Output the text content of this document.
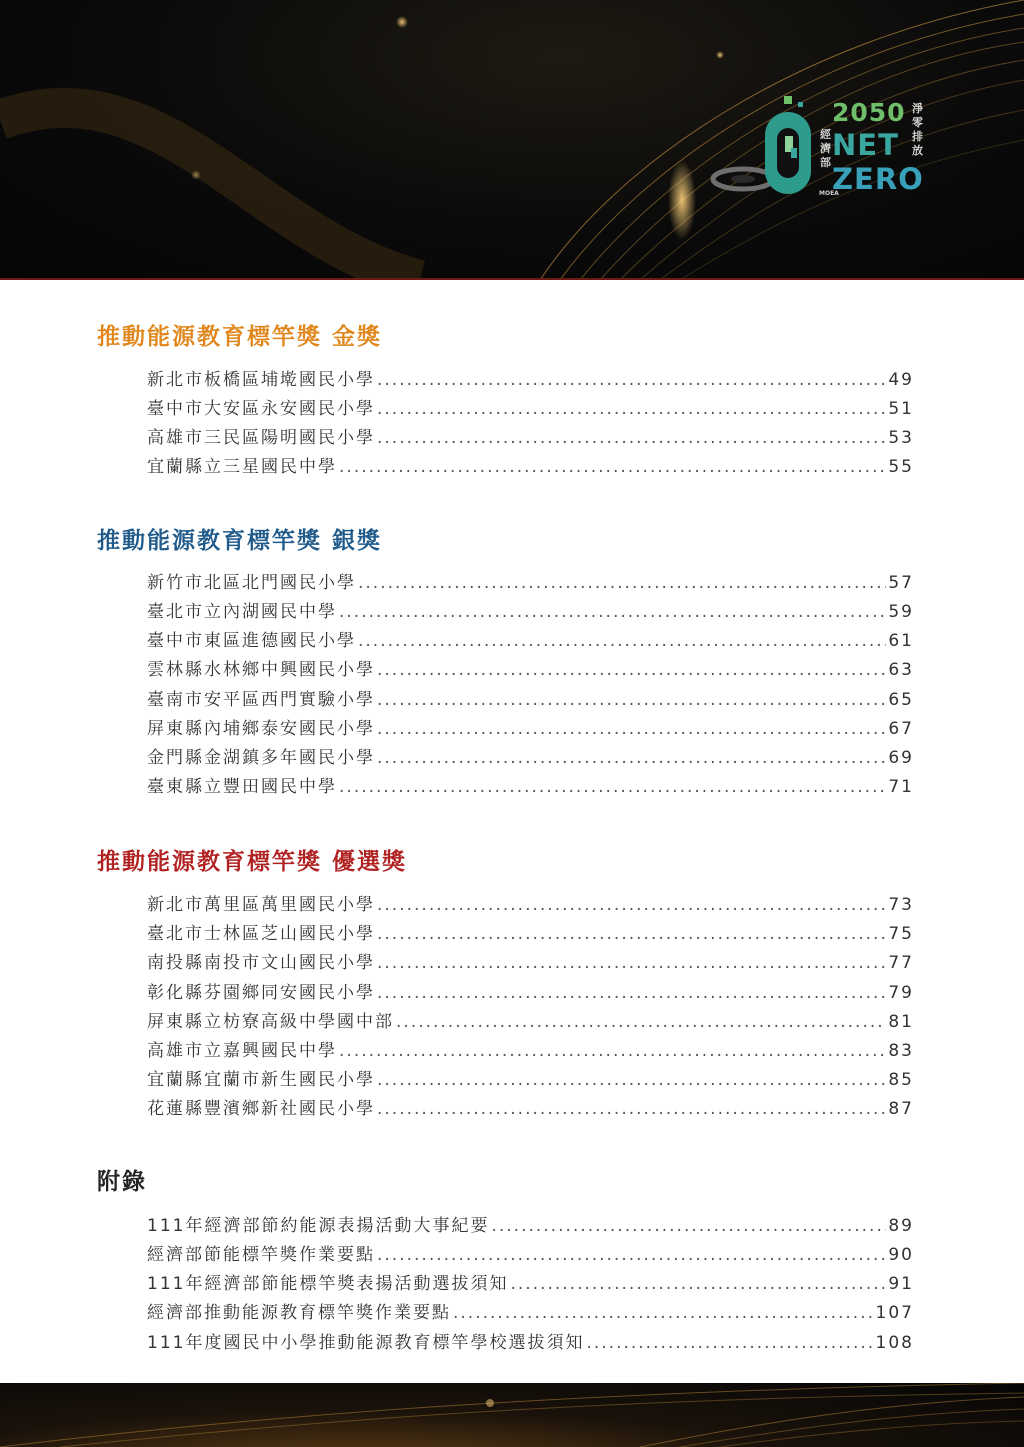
2050
NET
ZERO
經濟部
MOEA
淨零排放
推動能源教育標竿獎 金獎
新北市板橋區埔墘國民小學 .....	49
臺中市大安區永安國民小學 .....	51
高雄市三民區陽明國民小學 .....	53
宜蘭縣立三星國民中學 .....	55
推動能源教育標竿獎 銀獎
新竹市北區北門國民小學 .....	57
臺北市立內湖國民中學 .....	59
臺中市東區進德國民小學 .....	61
雲林縣水林鄉中興國民小學 .....	63
臺南市安平區西門實驗小學 .....	65
屏東縣內埔鄉泰安國民小學 .....	67
金門縣金湖鎮多年國民小學 .....	69
臺東縣立豐田國民中學 .....	71
推動能源教育標竿獎 優選獎
新北市萬里區萬里國民小學 .....	73
臺北市士林區芝山國民小學 .....	75
南投縣南投市文山國民小學 .....	77
彰化縣芬園鄉同安國民小學 .....	79
屏東縣立枋寮高級中學國中部 .....	81
高雄市立嘉興國民中學 .....	83
宜蘭縣宜蘭市新生國民小學 .....	85
花蓮縣豐濱鄉新社國民小學 .....	87
附錄
111年經濟部節約能源表揚活動大事紀要 .....	89
經濟部節能標竿獎作業要點 .....	90
111年經濟部節能標竿獎表揚活動選拔須知 .....	91
經濟部推動能源教育標竿獎作業要點 .....	107
111年度國民中小學推動能源教育標竿學校選拔須知 .....	108
